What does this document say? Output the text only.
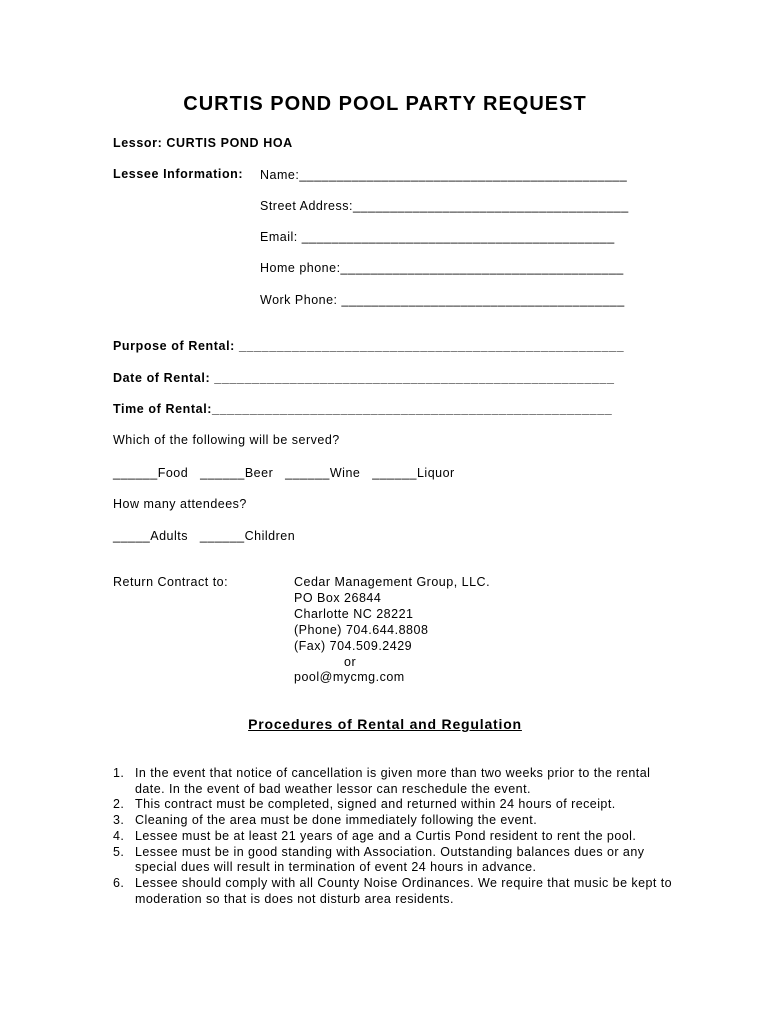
CURTIS POND POOL PARTY REQUEST
Lessor: CURTIS POND HOA
Lessee Information: Name:____________________________________________
Street Address:_____________________________________
Email: __________________________________________
Home phone:______________________________________
Work Phone: ______________________________________
Purpose of Rental: ___________________________________________________
Date of Rental: _____________________________________________________
Time of Rental:_____________________________________________________
Which of the following will be served?
______Food   ______Beer   ______Wine   ______Liquor
How many attendees?
_____Adults   ______Children
Return Contract to:	Cedar Management Group, LLC.
PO Box 26844
Charlotte NC 28221
(Phone) 704.644.8808
(Fax) 704.509.2429
or
pool@mycmg.com
Procedures of Rental and Regulation
1. In the event that notice of cancellation is given more than two weeks prior to the rental date. In the event of bad weather lessor can reschedule the event.
2. This contract must be completed, signed and returned within 24 hours of receipt.
3. Cleaning of the area must be done immediately following the event.
4. Lessee must be at least 21 years of age and a Curtis Pond resident to rent the pool.
5. Lessee must be in good standing with Association. Outstanding balances dues or any special dues will result in termination of event 24 hours in advance.
6. Lessee should comply with all County Noise Ordinances. We require that music be kept to moderation so that is does not disturb area residents.
